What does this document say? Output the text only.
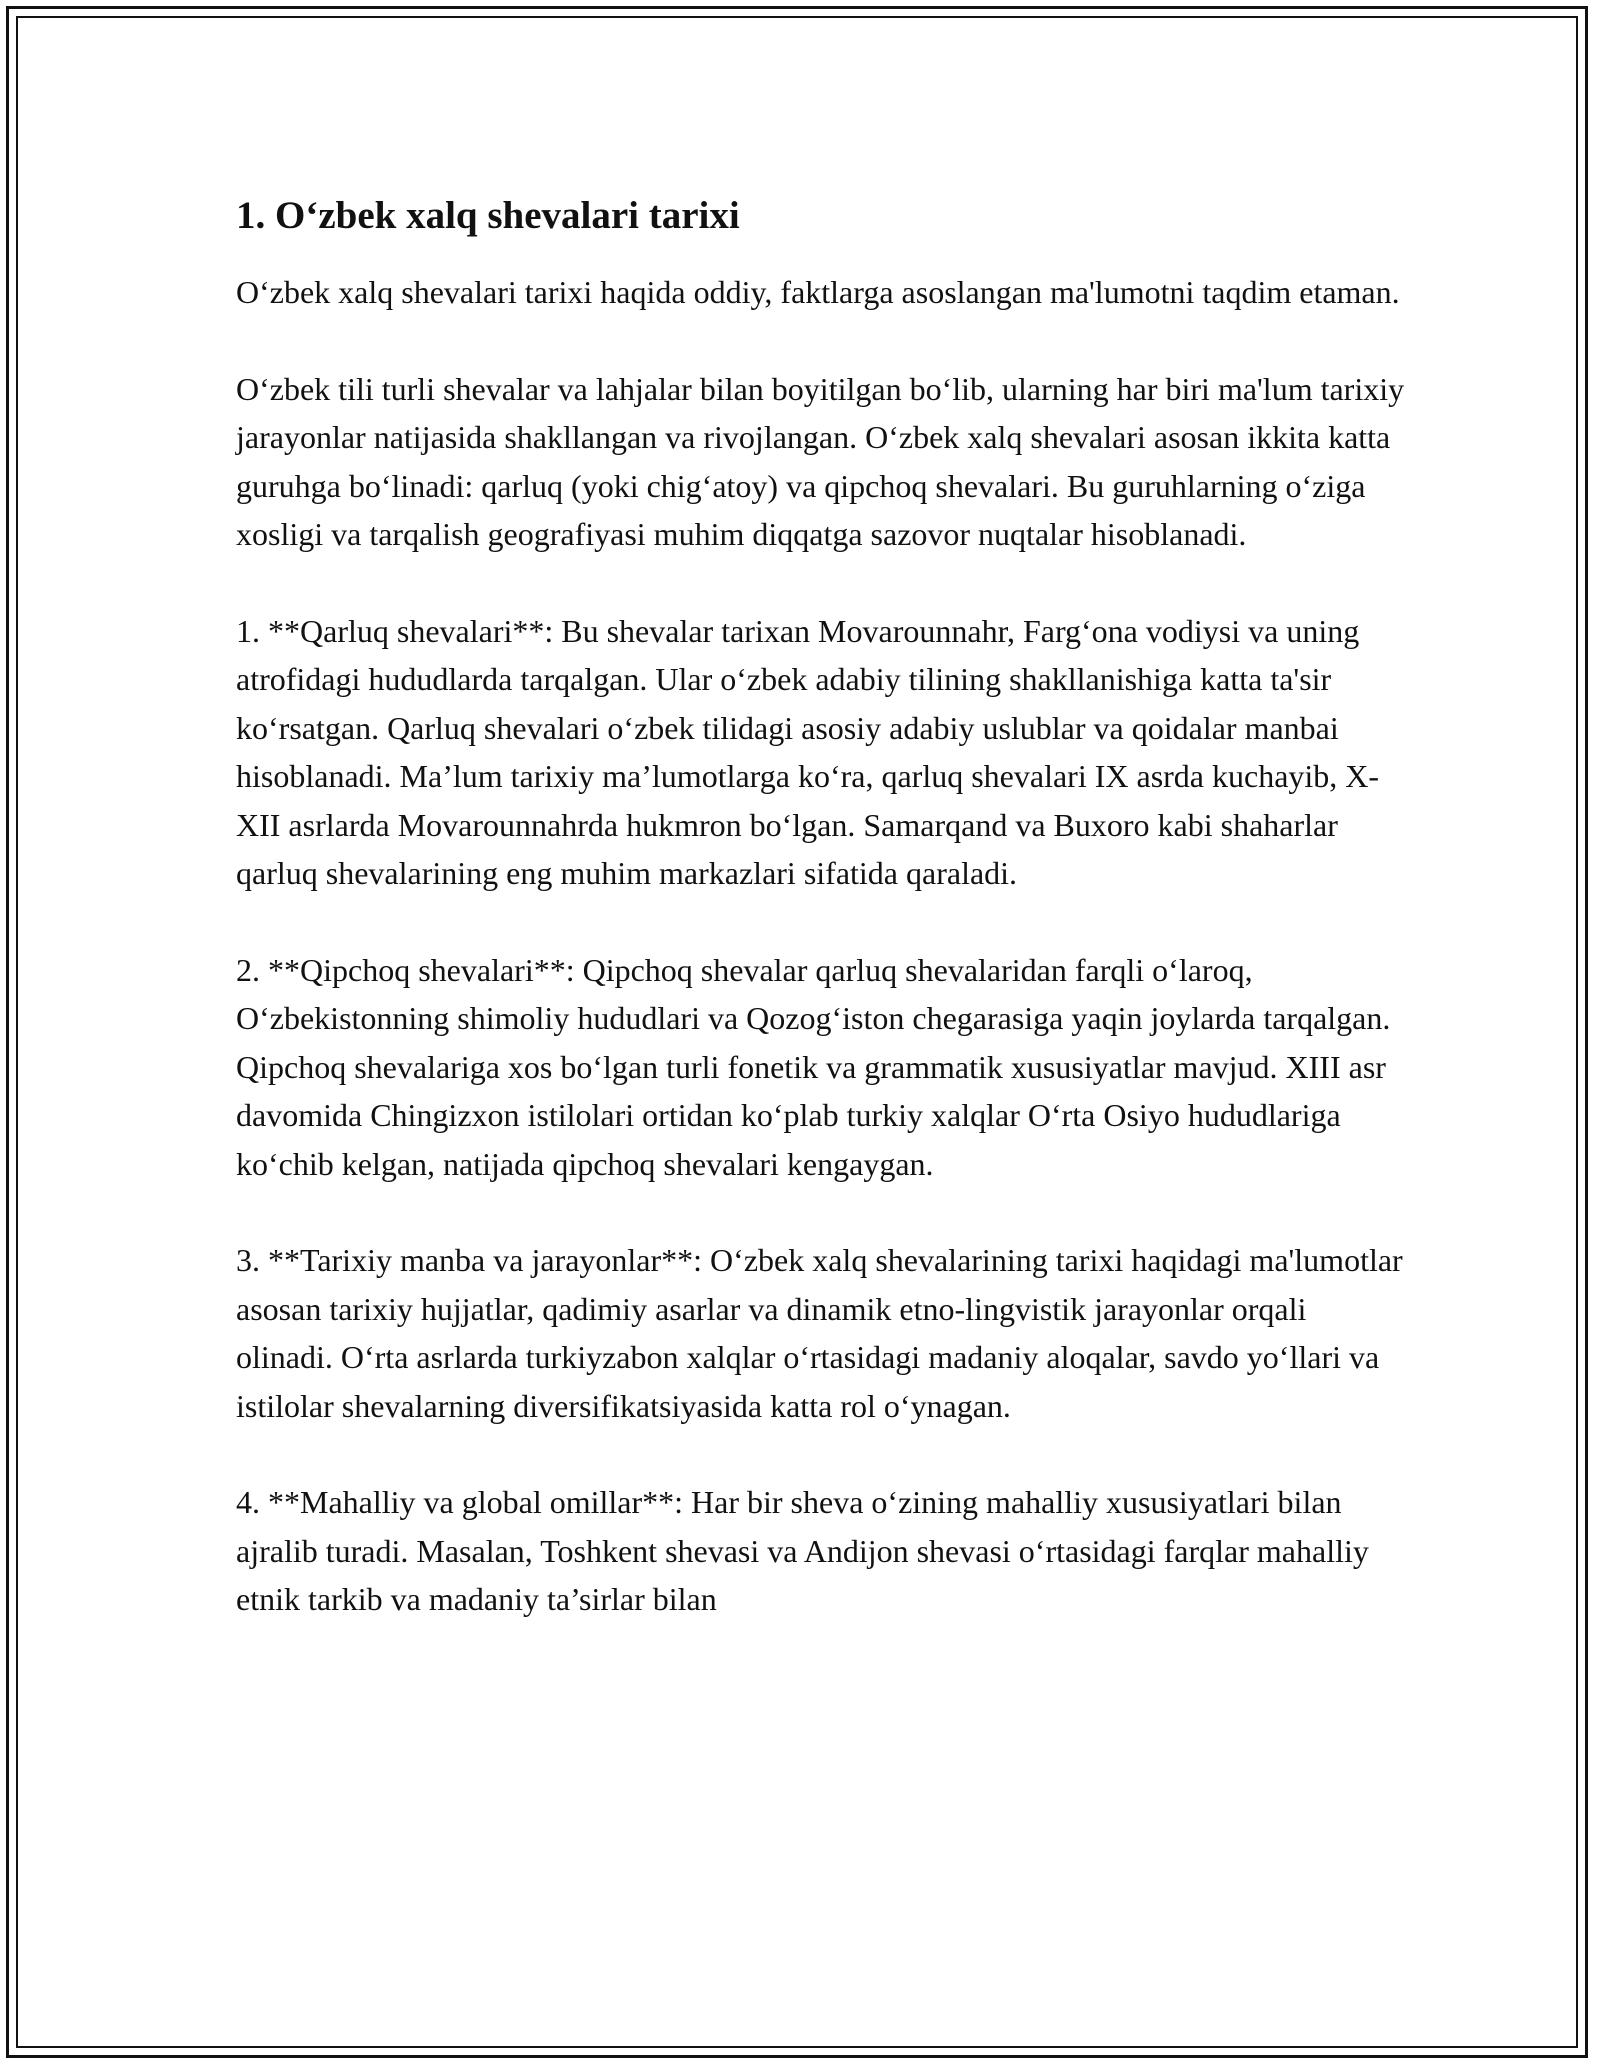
1. O‘zbek xalq shevalari tarixi

O‘zbek xalq shevalari tarixi haqida oddiy, faktlarga asoslangan ma'lumotni taqdim etaman.

O‘zbek tili turli shevalar va lahjalar bilan boyitilgan bo‘lib, ularning har biri ma'lum tarixiy jarayonlar natijasida shakllangan va rivojlangan. O‘zbek xalq shevalari asosan ikkita katta guruhga bo‘linadi: qarluq (yoki chig‘atoy) va qipchoq shevalari. Bu guruhlarning o‘ziga xosligi va tarqalish geografiyasi muhim diqqatga sazovor nuqtalar hisoblanadi.

1. **Qarluq shevalari**: Bu shevalar tarixan Movarounnahr, Farg‘ona vodiysi va uning atrofidagi hududlarda tarqalgan. Ular o‘zbek adabiy tilining shakllanishiga katta ta'sir ko‘rsatgan. Qarluq shevalari o‘zbek tilidagi asosiy adabiy uslublar va qoidalar manbai hisoblanadi. Ma’lum tarixiy ma’lumotlarga ko‘ra, qarluq shevalari IX asrda kuchayib, X-XII asrlarda Movarounnahrda hukmron bo‘lgan. Samarqand va Buxoro kabi shaharlar qarluq shevalarining eng muhim markazlari sifatida qaraladi.

2. **Qipchoq shevalari**: Qipchoq shevalar qarluq shevalaridan farqli o‘laroq, O‘zbekistonning shimoliy hududlari va Qozog‘iston chegarasiga yaqin joylarda tarqalgan. Qipchoq shevalariga xos bo‘lgan turli fonetik va grammatik xususiyatlar mavjud. XIII asr davomida Chingizxon istilolari ortidan ko‘plab turkiy xalqlar O‘rta Osiyo hududlariga ko‘chib kelgan, natijada qipchoq shevalari kengaygan.

3. **Tarixiy manba va jarayonlar**: O‘zbek xalq shevalarining tarixi haqidagi ma'lumotlar asosan tarixiy hujjatlar, qadimiy asarlar va dinamik etno-lingvistik jarayonlar orqali olinadi. O‘rta asrlarda turkiyzabon xalqlar o‘rtasidagi madaniy aloqalar, savdo yo‘llari va istilolar shevalarning diversifikatsiyasida katta rol o‘ynagan.

4. **Mahalliy va global omillar**: Har bir sheva o‘zining mahalliy xususiyatlari bilan ajralib turadi. Masalan, Toshkent shevasi va Andijon shevasi o‘rtasidagi farqlar mahalliy etnik tarkib va madaniy ta’sirlar bilan
